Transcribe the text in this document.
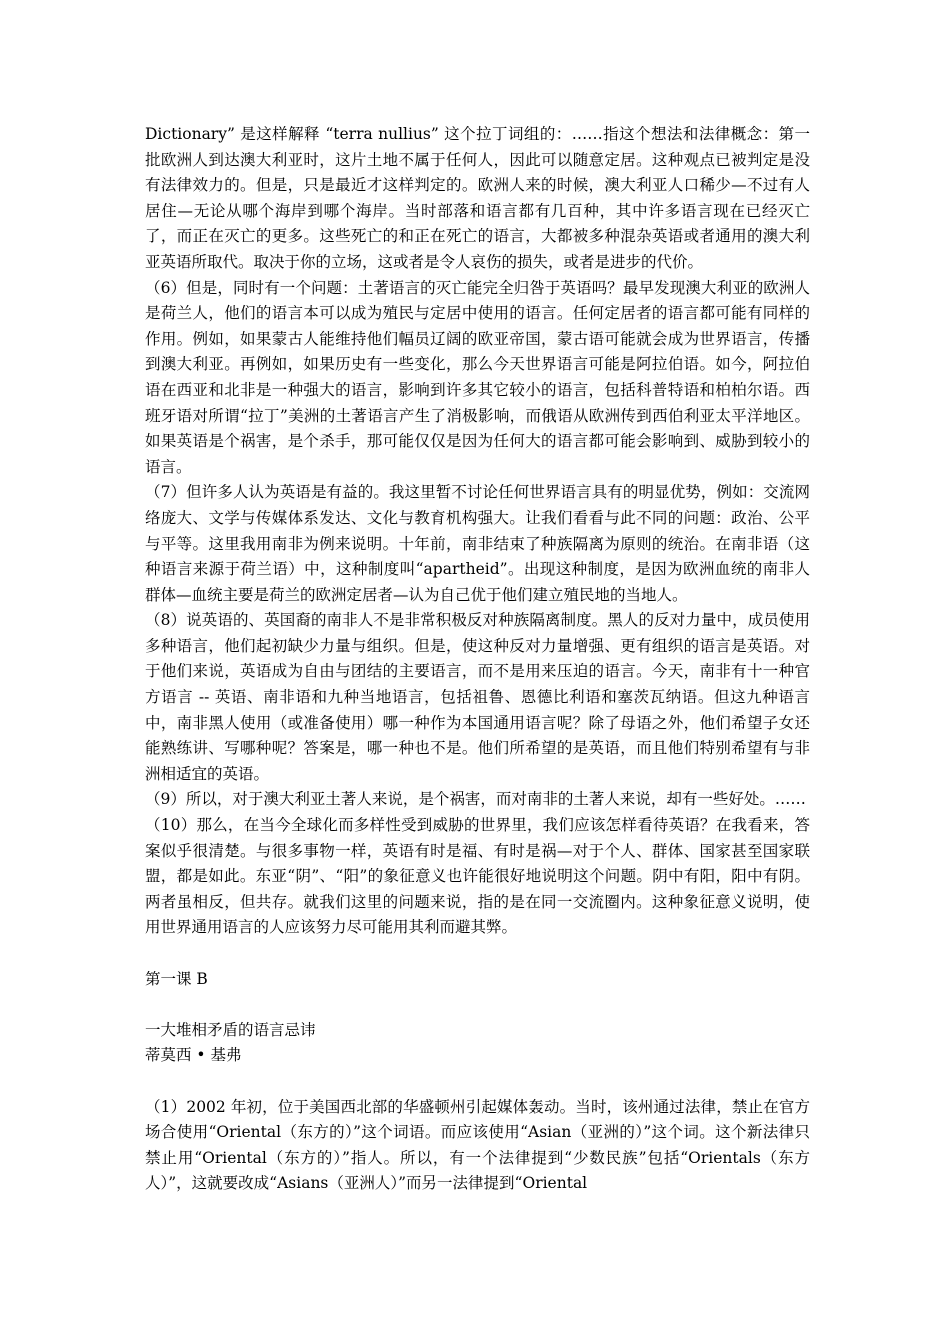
Dictionary” 是这样解释 “terra nullius” 这个拉丁词组的：……指这个想法和法律概念：第一批欧洲人到达澳大利亚时，这片土地不属于任何人，因此可以随意定居。这种观点已被判定是没有法律效力的。但是，只是最近才这样判定的。欧洲人来的时候，澳大利亚人口稀少—不过有人居住—无论从哪个海岸到哪个海岸。当时部落和语言都有几百种，其中许多语言现在已经灭亡了，而正在灭亡的更多。这些死亡的和正在死亡的语言，大都被多种混杂英语或者通用的澳大利亚英语所取代。取决于你的立场，这或者是令人哀伤的损失，或者是进步的代价。

（6）但是，同时有一个问题：土著语言的灭亡能完全归咎于英语吗？最早发现澳大利亚的欧洲人是荷兰人，他们的语言本可以成为殖民与定居中使用的语言。任何定居者的语言都可能有同样的作用。例如，如果蒙古人能维持他们幅员辽阔的欧亚帝国，蒙古语可能就会成为世界语言，传播到澳大利亚。再例如，如果历史有一些变化，那么今天世界语言可能是阿拉伯语。如今，阿拉伯语在西亚和北非是一种强大的语言，影响到许多其它较小的语言，包括科普特语和柏柏尔语。西班牙语对所谓“拉丁”美洲的土著语言产生了消极影响，而俄语从欧洲传到西伯利亚太平洋地区。如果英语是个祸害，是个杀手，那可能仅仅是因为任何大的语言都可能会影响到、威胁到较小的语言。

（7）但许多人认为英语是有益的。我这里暂不讨论任何世界语言具有的明显优势，例如：交流网络庞大、文学与传媒体系发达、文化与教育机构强大。让我们看看与此不同的问题：政治、公平与平等。这里我用南非为例来说明。十年前，南非结束了种族隔离为原则的统治。在南非语（这种语言来源于荷兰语）中，这种制度叫“apartheid”。出现这种制度，是因为欧洲血统的南非人群体—血统主要是荷兰的欧洲定居者—认为自己优于他们建立殖民地的当地人。

（8）说英语的、英国裔的南非人不是非常积极反对种族隔离制度。黑人的反对力量中，成员使用多种语言，他们起初缺少力量与组织。但是，使这种反对力量增强、更有组织的语言是英语。对于他们来说，英语成为自由与团结的主要语言，而不是用来压迫的语言。今天，南非有十一种官方语言 -- 英语、南非语和九种当地语言，包括祖鲁、恩德比利语和塞茨瓦纳语。但这九种语言中，南非黑人使用（或准备使用）哪一种作为本国通用语言呢？除了母语之外，他们希望子女还能熟练讲、写哪种呢？答案是，哪一种也不是。他们所希望的是英语，而且他们特别希望有与非洲相适宜的英语。

（9）所以，对于澳大利亚土著人来说，是个祸害，而对南非的土著人来说，却有一些好处。……

（10）那么，在当今全球化而多样性受到威胁的世界里，我们应该怎样看待英语？在我看来，答案似乎很清楚。与很多事物一样，英语有时是福、有时是祸—对于个人、群体、国家甚至国家联盟，都是如此。东亚“阴”、“阳”的象征意义也许能很好地说明这个问题。阴中有阳，阳中有阴。两者虽相反，但共存。就我们这里的问题来说，指的是在同一交流圈内。这种象征意义说明，使用世界通用语言的人应该努力尽可能用其利而避其弊。

第一课 B

一大堆相矛盾的语言忌讳

蒂莫西 • 基弗

（1）2002 年初，位于美国西北部的华盛顿州引起媒体轰动。当时，该州通过法律，禁止在官方场合使用“Oriental（东方的）”这个词语。而应该使用“Asian（亚洲的）”这个词。这个新法律只禁止用“Oriental（东方的）”指人。所以，有一个法律提到“少数民族”包括“Orientals（东方人）”，这就要改成“Asians（亚洲人）”而另一法律提到“Oriental
